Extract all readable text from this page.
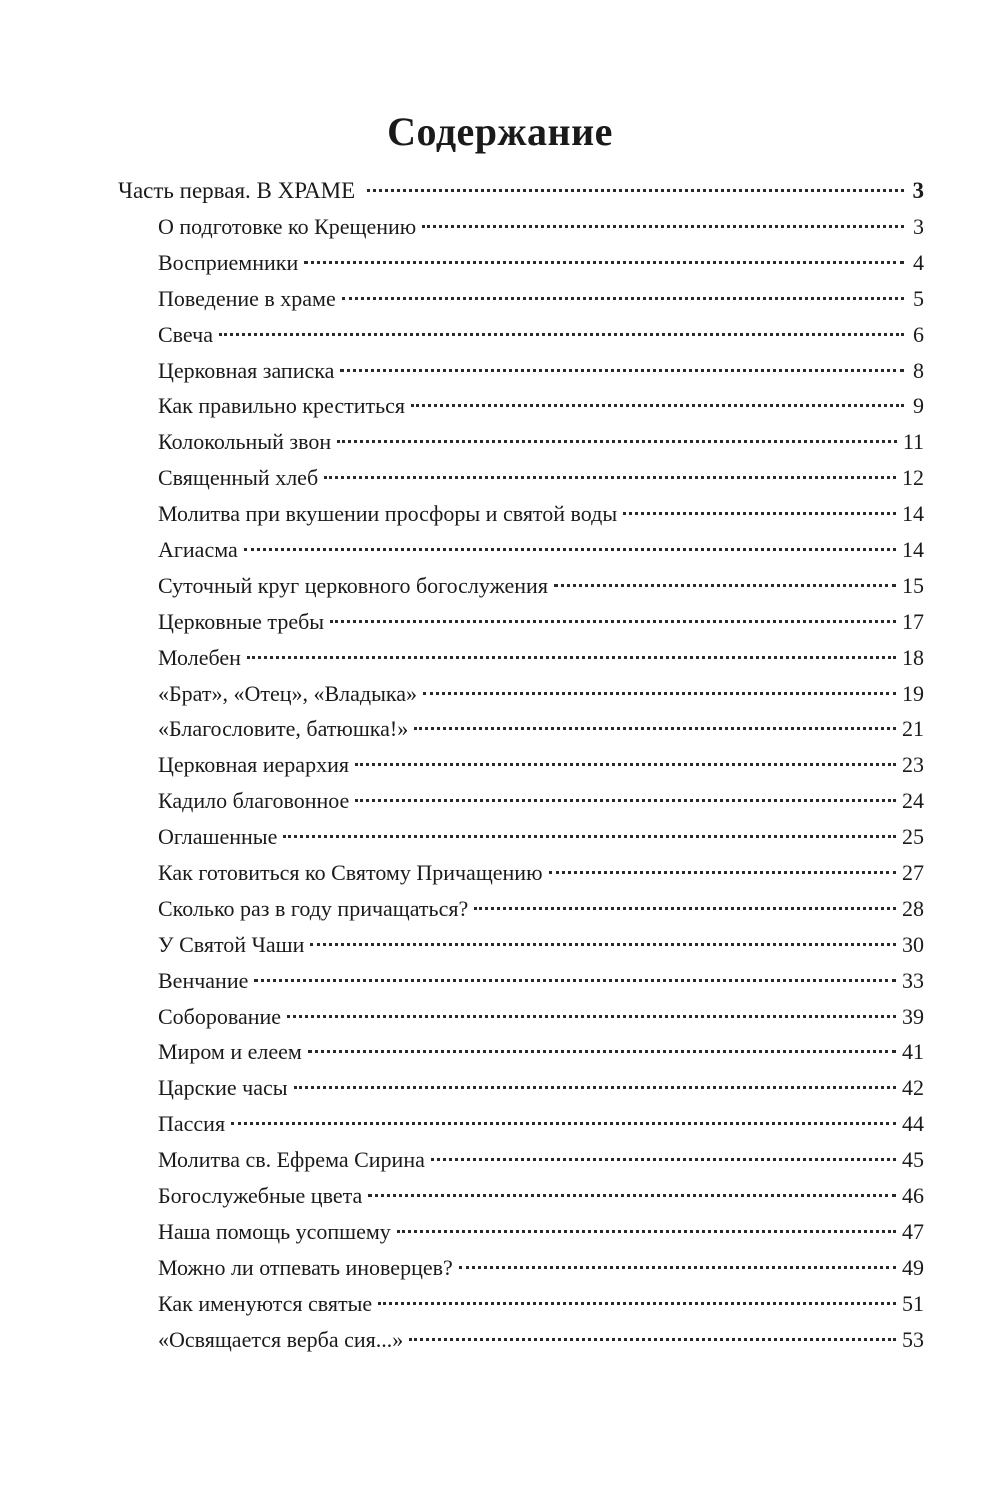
Содержание
Часть первая. В ХРАМЕ	3
О подготовке ко Крещению	3
Восприемники	4
Поведение в храме	5
Свеча	6
Церковная записка	8
Как правильно креститься	9
Колокольный звон	11
Священный хлеб	12
Молитва при вкушении просфоры и святой воды	14
Агиасма	14
Суточный круг церковного богослужения	15
Церковные требы	17
Молебен	18
«Брат», «Отец», «Владыка»	19
«Благословите, батюшка!»	21
Церковная иерархия	23
Кадило благовонное	24
Оглашенные	25
Как готовиться ко Святому Причащению	27
Сколько раз в году причащаться?	28
У Святой Чаши	30
Венчание	33
Соборование	39
Миром и елеем	41
Царские часы	42
Пассия	44
Молитва св. Ефрема Сирина	45
Богослужебные цвета	46
Наша помощь усопшему	47
Можно ли отпевать иноверцев?	49
Как именуются святые	51
«Освящается верба сия...»	53
